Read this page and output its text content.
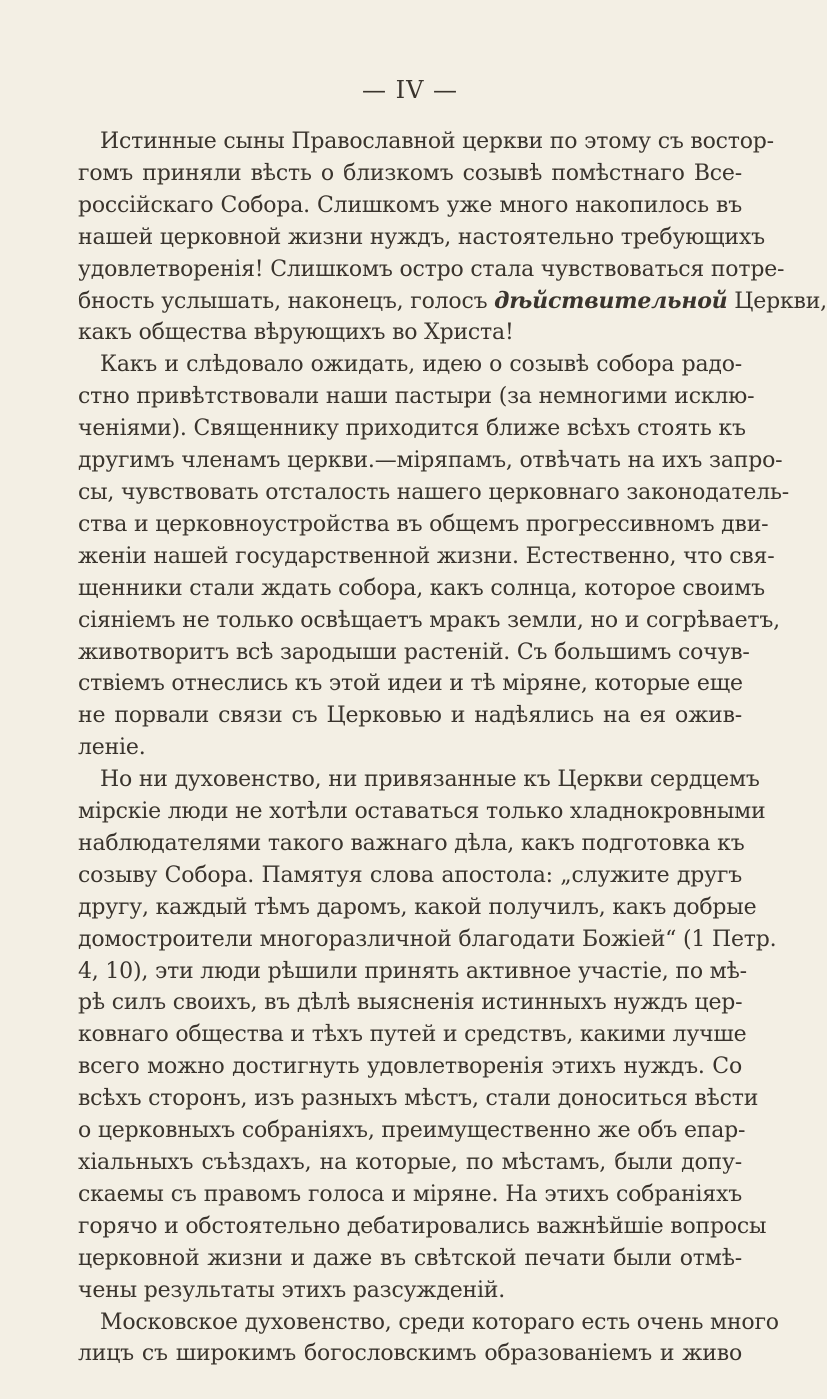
— IV —
Истинные сыны Православной церкви по этому съ востор-
гомъ приняли вѣсть о близкомъ созывѣ помѣстнаго Все-
россійскаго Собора. Слишкомъ уже много накопилось въ
нашей церковной жизни нуждъ, настоятельно требующихъ
удовлетворенія! Слишкомъ остро стала чувствоваться потре-
бность услышать, наконецъ, голосъ дѣйствительной Церкви,
какъ общества вѣрующихъ во Христа!
Какъ и слѣдовало ожидать, идею о созывѣ собора радо-
стно привѣтствовали наши пастыри (за немногими исклю-
ченіями). Священнику приходится ближе всѣхъ стоять къ
другимъ членамъ церкви.—міряпамъ, отвѣчать на ихъ запро-
сы, чувствовать отсталость нашего церковнаго законодатель-
ства и церковноустройства въ общемъ прогрессивномъ дви-
женіи нашей государственной жизни. Естественно, что свя-
щенники стали ждать собора, какъ солнца, которое своимъ
сіяніемъ не только освѣщаетъ мракъ земли, но и согрѣваетъ,
животворитъ всѣ зародыши растеній. Съ большимъ сочув-
ствіемъ отнеслись къ этой идеи и тѣ міряне, которые еще
не порвали связи съ Церковью и надѣялись на ея ожив-
леніе.
Но ни духовенство, ни привязанные къ Церкви сердцемъ
мірскіе люди не хотѣли оставаться только хладнокровными
наблюдателями такого важнаго дѣла, какъ подготовка къ
созыву Собора. Памятуя слова апостола: „служите другъ
другу, каждый тѣмъ даромъ, какой получилъ, какъ добрые
домостроители многоразличной благодати Божіей“ (1 Петр.
4, 10), эти люди рѣшили принять активное участіе, по мѣ-
рѣ силъ своихъ, въ дѣлѣ выясненія истинныхъ нуждъ цер-
ковнаго общества и тѣхъ путей и средствъ, какими лучше
всего можно достигнуть удовлетворенія этихъ нуждъ. Со
всѣхъ сторонъ, изъ разныхъ мѣстъ, стали доноситься вѣсти
о церковныхъ собраніяхъ, преимущественно же объ епар-
хіальныхъ съѣздахъ, на которые, по мѣстамъ, были допу-
скаемы съ правомъ голоса и міряне. На этихъ собраніяхъ
горячо и обстоятельно дебатировались важнѣйшіе вопросы
церковной жизни и даже въ свѣтской печати были отмѣ-
чены результаты этихъ разсужденій.
Московское духовенство, среди котораго есть очень много
лицъ съ широкимъ богословскимъ образованіемъ и живо
